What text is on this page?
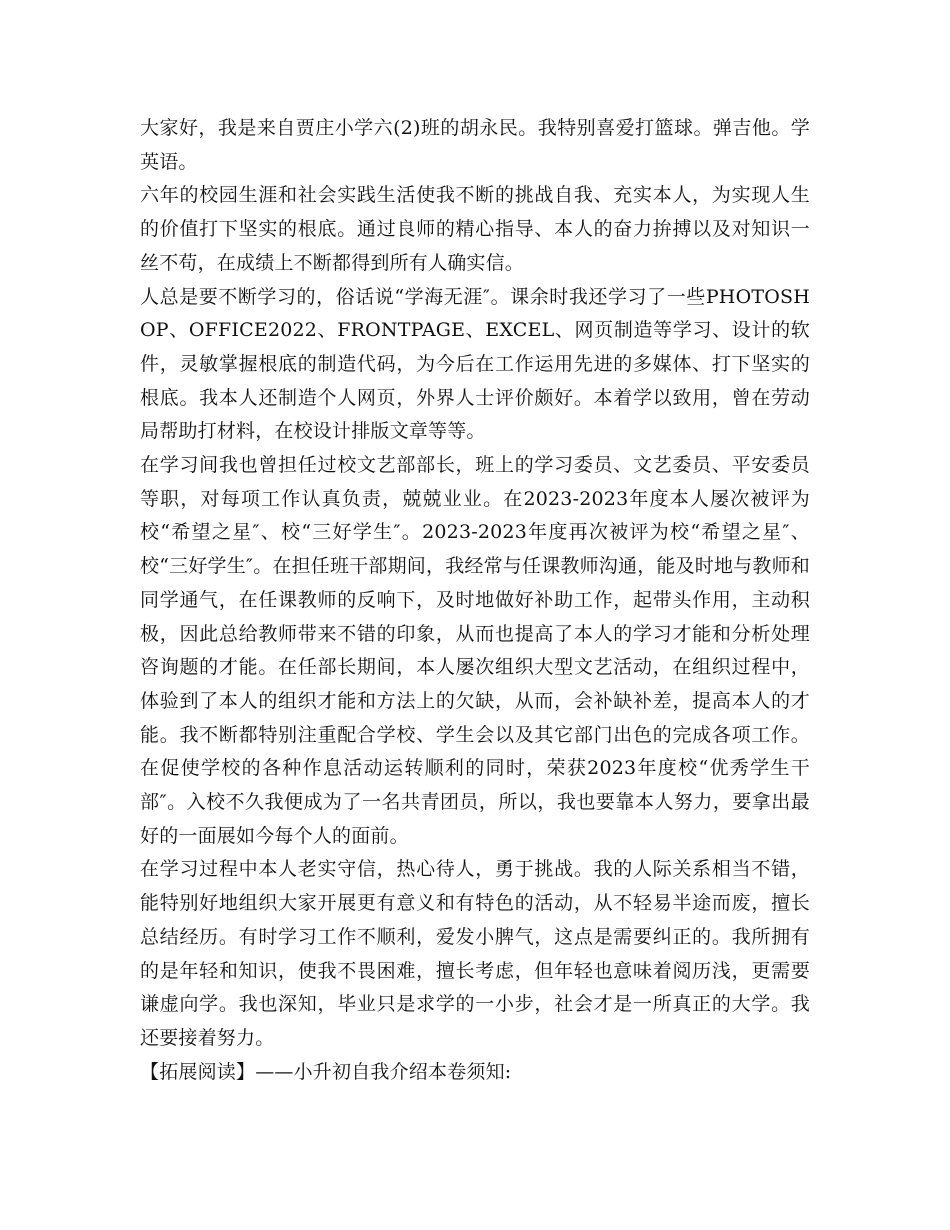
大家好，我是来自贾庄小学六(2)班的胡永民。我特别喜爱打篮球。弹吉他。学英语。

六年的校园生涯和社会实践生活使我不断的挑战自我、充实本人，为实现人生的价值打下坚实的根底。通过良师的精心指导、本人的奋力拚搏以及对知识一丝不苟，在成绩上不断都得到所有人确实信。

人总是要不断学习的，俗话说“学海无涯″。课余时我还学习了一些PHOTOSHOP、OFFICE2022、FRONTPAGE、EXCEL、网页制造等学习、设计的软件，灵敏掌握根底的制造代码，为今后在工作运用先进的多媒体、打下坚实的根底。我本人还制造个人网页，外界人士评价颇好。本着学以致用，曾在劳动局帮助打材料，在校设计排版文章等等。

在学习间我也曾担任过校文艺部部长，班上的学习委员、文艺委员、平安委员等职，对每项工作认真负责，兢兢业业。在2023-2023年度本人屡次被评为校“希望之星″、校“三好学生″。2023-2023年度再次被评为校“希望之星″、校“三好学生″。在担任班干部期间，我经常与任课教师沟通，能及时地与教师和同学通气，在任课教师的反响下，及时地做好补助工作，起带头作用，主动积极，因此总给教师带来不错的印象，从而也提高了本人的学习才能和分析处理咨询题的才能。在任部长期间，本人屡次组织大型文艺活动，在组织过程中，体验到了本人的组织才能和方法上的欠缺，从而，会补缺补差，提高本人的才能。我不断都特别注重配合学校、学生会以及其它部门出色的完成各项工作。在促使学校的各种作息活动运转顺利的同时，荣获2023年度校“优秀学生干部″。入校不久我便成为了一名共青团员，所以，我也要靠本人努力，要拿出最好的一面展如今每个人的面前。

在学习过程中本人老实守信，热心待人，勇于挑战。我的人际关系相当不错，能特别好地组织大家开展更有意义和有特色的活动，从不轻易半途而废，擅长总结经历。有时学习工作不顺利，爱发小脾气，这点是需要纠正的。我所拥有的是年轻和知识，使我不畏困难，擅长考虑，但年轻也意味着阅历浅，更需要谦虚向学。我也深知，毕业只是求学的一小步，社会才是一所真正的大学。我还要接着努力。

【拓展阅读】——小升初自我介绍本卷须知:
